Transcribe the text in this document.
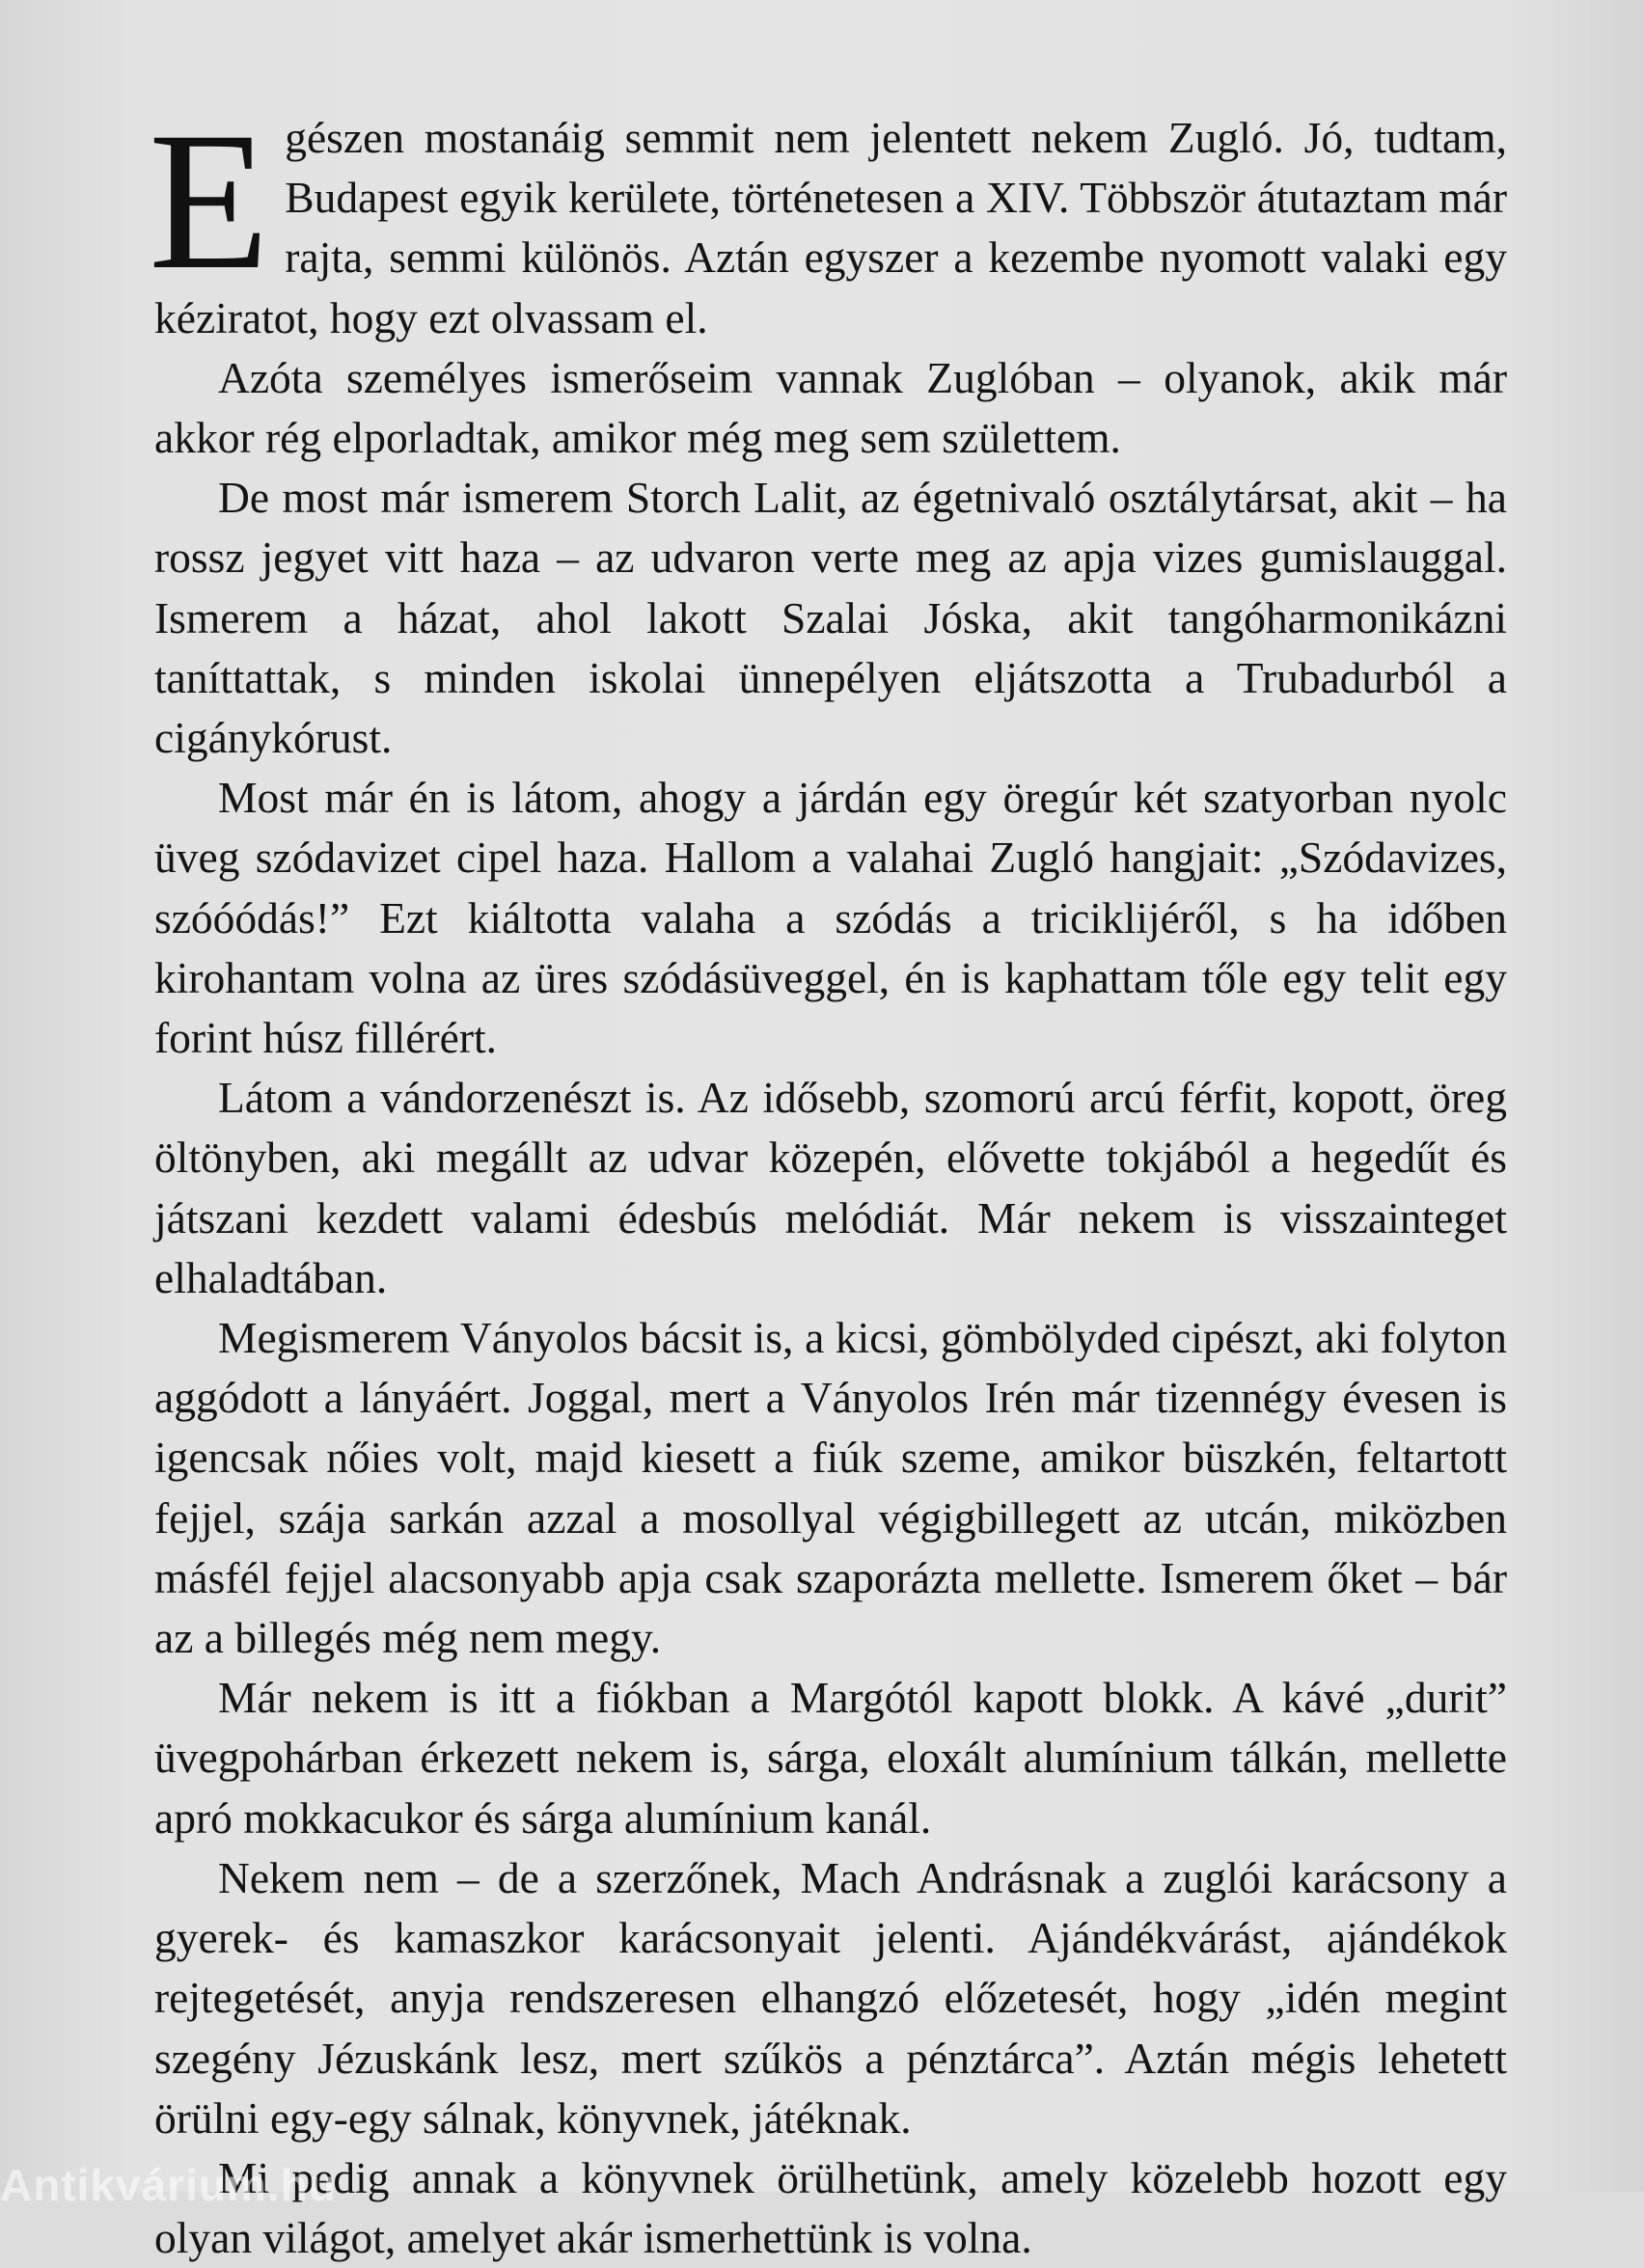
Egészen mostanáig semmit nem jelentett nekem Zugló. Jó, tudtam, Budapest egyik kerülete, történetesen a XIV. Többször átutaztam már rajta, semmi különös. Aztán egyszer a kezembe nyomott valaki egy kéziratot, hogy ezt olvassam el.

Azóta személyes ismerőseim vannak Zuglóban – olyanok, akik már akkor rég elporladtak, amikor még meg sem születtem.

De most már ismerem Storch Lalit, az égetnivaló osztálytársat, akit – ha rossz jegyet vitt haza – az udvaron verte meg az apja vizes gumislauggal. Ismerem a házat, ahol lakott Szalai Jóska, akit tangóharmonikázni taníttattak, s minden iskolai ünnepélyen eljátszotta a Trubadurból a cigánykórust.

Most már én is látom, ahogy a járdán egy öregúr két szatyorban nyolc üveg szódavizet cipel haza. Hallom a valahai Zugló hangjait: „Szódavizes, szóóódás!” Ezt kiáltotta valaha a szódás a triciklijéről, s ha időben kirohantam volna az üres szódásüveggel, én is kaphattam tőle egy telit egy forint húsz fillérért.

Látom a vándorzenészt is. Az idősebb, szomorú arcú férfit, kopott, öreg öltönyben, aki megállt az udvar közepén, elővette tokjából a hegedűt és játszani kezdett valami édesbús melódiát. Már nekem is visszainteget elhaladtában.

Megismerem Ványolos bácsit is, a kicsi, gömbölyded cipészt, aki folyton aggódott a lányáért. Joggal, mert a Ványolos Irén már tizennégy évesen is igencsak nőies volt, majd kiesett a fiúk szeme, amikor büszkén, feltartott fejjel, szája sarkán azzal a mosollyal végigbillegett az utcán, miközben másfél fejjel alacsonyabb apja csak szaporázta mellette. Ismerem őket – bár az a billegés még nem megy.

Már nekem is itt a fiókban a Margótól kapott blokk. A kávé „durit” üvegpohárban érkezett nekem is, sárga, eloxált alumínium tálkán, mellette apró mokkacukor és sárga alumínium kanál.

Nekem nem – de a szerzőnek, Mach Andrásnak a zuglói karácsony a gyerek- és kamaszkor karácsonyait jelenti. Ajándékvárást, ajándékok rejtegetését, anyja rendszeresen elhangzó előzetesét, hogy „idén megint szegény Jézuskánk lesz, mert szűkös a pénztárca”. Aztán mégis lehetett örülni egy-egy sálnak, könyvnek, játéknak.

Mi pedig annak a könyvnek örülhetünk, amely közelebb hozott egy olyan világot, amelyet akár ismerhettünk is volna.

Antikvárium.hu
